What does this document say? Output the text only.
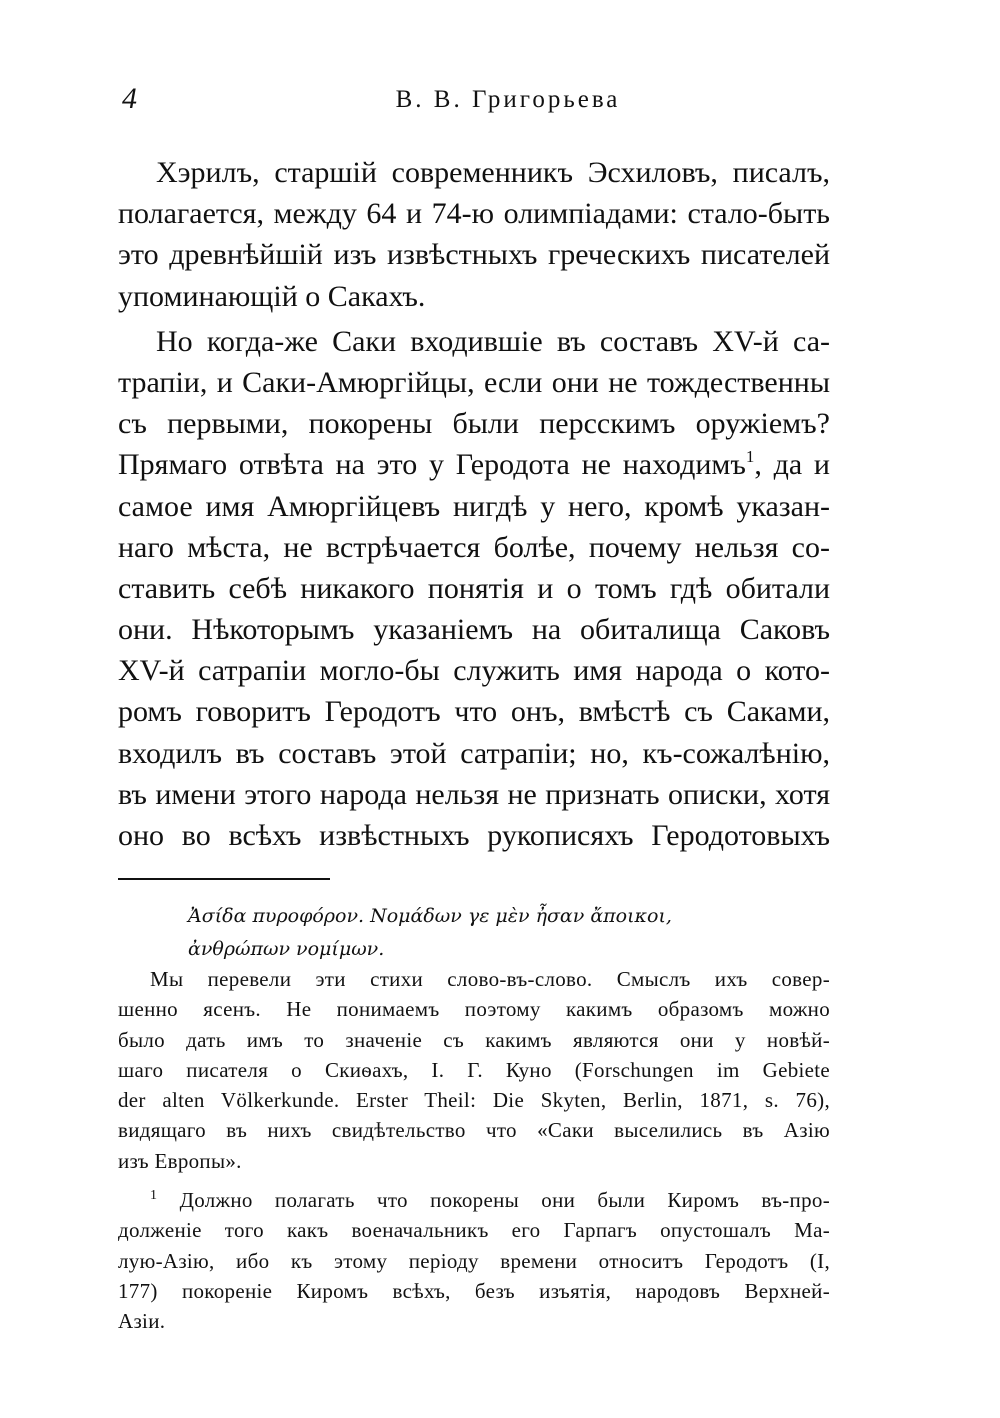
4	В. В. Григорьева
Хэрилъ, старшій современникъ Эсхиловъ, писалъ,
полагается, между 64 и 74-ю олимпіадами: стало-быть
это древнѣйшій изъ извѣстныхъ греческихъ писателей
упоминающій о Сакахъ.
Но когда-же Саки входившіе въ составъ XV-й са-
трапіи, и Саки-Амюргійцы, если они не тождественны
съ первыми, покорены были персскимъ оружіемъ?
Прямаго отвѣта на это у Геродота не находимъ$^1$, да и
самое имя Амюргійцевъ нигдѣ у него, кромѣ указан-
наго мѣста, не встрѣчается болѣе, почему нельзя со-
ставить себѣ никакого понятія и о томъ гдѣ обитали
они. Нѣкоторымъ указаніемъ на обиталища Саковъ
XV-й сатрапіи могло-бы служить имя народа о кото-
ромъ говоритъ Геродотъ что онъ, вмѣстѣ съ Саками,
входилъ въ составъ этой сатрапіи; но, къ-сожалѣнію,
въ имени этого народа нельзя не признать описки, хотя
оно во всѣхъ извѣстныхъ рукописяхъ Геродотовыхъ
Ἀσίδα πυροφόρον. Νομάδων γε μὲν ἦσαν ἄποικοι,
ἀνθρώπων νομίμων.
Мы перевели эти стихи слово-въ-слово. Смыслъ ихъ совер-
шенно ясенъ. Не понимаемъ поэтому какимъ образомъ можно
было дать имъ то значеніе съ какимъ являются они у новѣй-
шаго писателя о Скиѳахъ, І. Г. Куно (Forschungen im Gebiete
der alten Völkerkunde. Erster Theil: Die Skyten, Berlin, 1871, s. 76),
видящаго въ нихъ свидѣтельство что «Саки выселились въ Азію
изъ Европы».
$^1$ Должно полагать что покорены они были Киромъ въ-про-
долженіе того какъ военачальникъ его Гарпагъ опустошалъ Ма-
лую-Азію, ибо къ этому періоду времени относитъ Геродотъ (І,
177) покореніе Киромъ всѣхъ, безъ изъятія, народовъ Верхней-
Азіи.
